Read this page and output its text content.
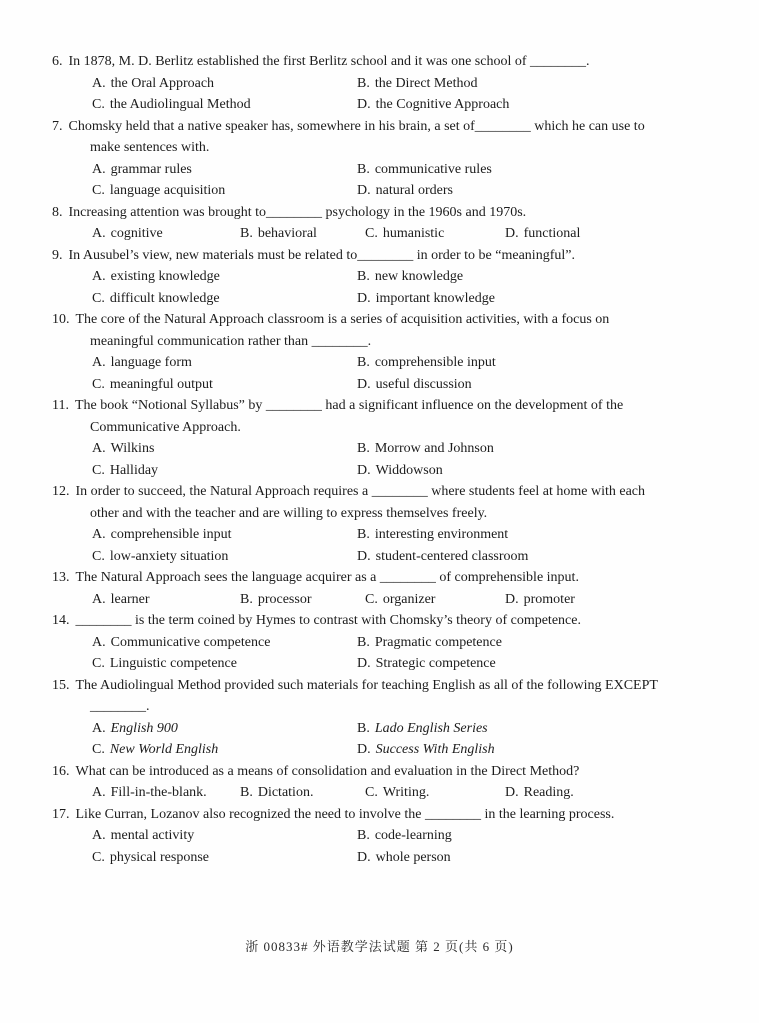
6. In 1878, M. D. Berlitz established the first Berlitz school and it was one school of ________.
A. the Oral Approach	B. the Direct Method
C. the Audiolingual Method	D. the Cognitive Approach
7. Chomsky held that a native speaker has, somewhere in his brain, a set of________ which he can use to make sentences with.
A. grammar rules	B. communicative rules
C. language acquisition	D. natural orders
8. Increasing attention was brought to________ psychology in the 1960s and 1970s.
A. cognitive	B. behavioral	C. humanistic	D. functional
9. In Ausubel’s view, new materials must be related to________ in order to be “meaningful”.
A. existing knowledge	B. new knowledge
C. difficult knowledge	D. important knowledge
10. The core of the Natural Approach classroom is a series of acquisition activities, with a focus on meaningful communication rather than ________.
A. language form	B. comprehensible input
C. meaningful output	D. useful discussion
11. The book “Notional Syllabus” by ________ had a significant influence on the development of the Communicative Approach.
A. Wilkins	B. Morrow and Johnson
C. Halliday	D. Widdowson
12. In order to succeed, the Natural Approach requires a ________ where students feel at home with each other and with the teacher and are willing to express themselves freely.
A. comprehensible input	B. interesting environment
C. low-anxiety situation	D. student-centered classroom
13. The Natural Approach sees the language acquirer as a ________ of comprehensible input.
A. learner	B. processor	C. organizer	D. promoter
14. ________ is the term coined by Hymes to contrast with Chomsky’s theory of competence.
A. Communicative competence	B. Pragmatic competence
C. Linguistic competence	D. Strategic competence
15. The Audiolingual Method provided such materials for teaching English as all of the following EXCEPT ________.
A. English 900	B. Lado English Series
C. New World English	D. Success With English
16. What can be introduced as a means of consolidation and evaluation in the Direct Method?
A. Fill-in-the-blank.	B. Dictation.	C. Writing.	D. Reading.
17. Like Curran, Lozanov also recognized the need to involve the ________ in the learning process.
A. mental activity	B. code-learning
C. physical response	D. whole person
浙 00833# 外语教学法试题 第 2 页(共 6 页)
